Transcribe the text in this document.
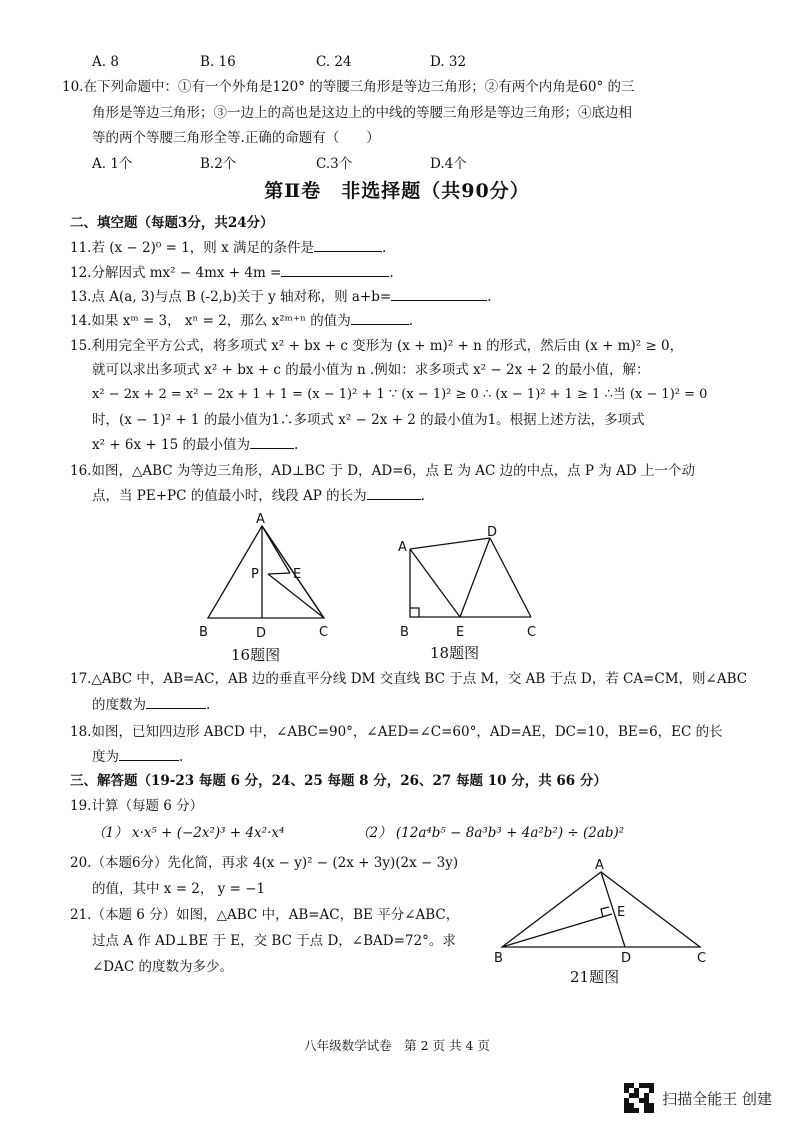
A. 8	B. 16	C. 24	D. 32
10.在下列命题中：①有一个外角是120° 的等腰三角形是等边三角形；②有两个内角是60° 的三
角形是等边三角形；③一边上的高也是这边上的中线的等腰三角形是等边三角形；④底边相
等的两个等腰三角形全等.正确的命题有（　　）
A. 1个	B.2个	C.3个	D.4个
第Ⅱ卷　非选择题（共90分）
二、填空题（每题3分，共24分）
11.若 (x − 2)⁰ = 1，则 x 满足的条件是	.
12.分解因式 mx² − 4mx + 4m =	.
13.点 A(a, 3)与点 B (-2,b)关于 y 轴对称，则 a+b=	.
14.如果 xᵐ = 3， xⁿ = 2，那么 x²ᵐ⁺ⁿ 的值为	.
15.利用完全平方公式，将多项式 x² + bx + c 变形为 (x + m)² + n 的形式，然后由 (x + m)² ≥ 0，
就可以求出多项式 x² + bx + c 的最小值为 n .例如：求多项式 x² − 2x + 2 的最小值，解：
x² − 2x + 2 = x² − 2x + 1 + 1 = (x − 1)² + 1 ∵ (x − 1)² ≥ 0 ∴ (x − 1)² + 1 ≥ 1 ∴当 (x − 1)² = 0
时，(x − 1)² + 1 的最小值为1∴多项式 x² − 2x + 2 的最小值为1。根据上述方法，多项式
x² + 6x + 15 的最小值为	.
16.如图，△ABC 为等边三角形，AD⊥BC 于 D，AD=6，点 E 为 AC 边的中点，点 P 为 AD 上一个动
点，当 PE+PC 的值最小时，线段 AP 的长为	.
A
B	C
D
E
P
16题图
A
B	C
D
E
18题图
17.△ABC 中，AB=AC，AB 边的垂直平分线 DM 交直线 BC 于点 M，交 AB 于点 D，若 CA=CM，则∠ABC
的度数为	.
18.如图，已知四边形 ABCD 中，∠ABC=90°，∠AED=∠C=60°，AD=AE，DC=10，BE=6，EC 的长
度为	.
三、解答题（19-23 每题 6 分，24、25 每题 8 分，26、27 每题 10 分，共 66 分）
19.计算（每题 6 分）
（1） x·x⁵ + (−2x²)³ + 4x²·x⁴	（2） (12a⁴b⁵ − 8a³b³ + 4a²b²) ÷ (2ab)²
20.（本题6分）先化简，再求 4(x − y)² − (2x + 3y)(2x − 3y)
的值，其中 x = 2， y = −1
21.（本题 6 分）如图，△ABC 中，AB=AC，BE 平分∠ABC，
过点 A 作 AD⊥BE 于 E，交 BC 于点 D，∠BAD=72°。求
∠DAC 的度数为多少。
A
B	C
D
E
21题图
八年级数学试卷　第 2 页 共 4 页
扫描全能王 创建
